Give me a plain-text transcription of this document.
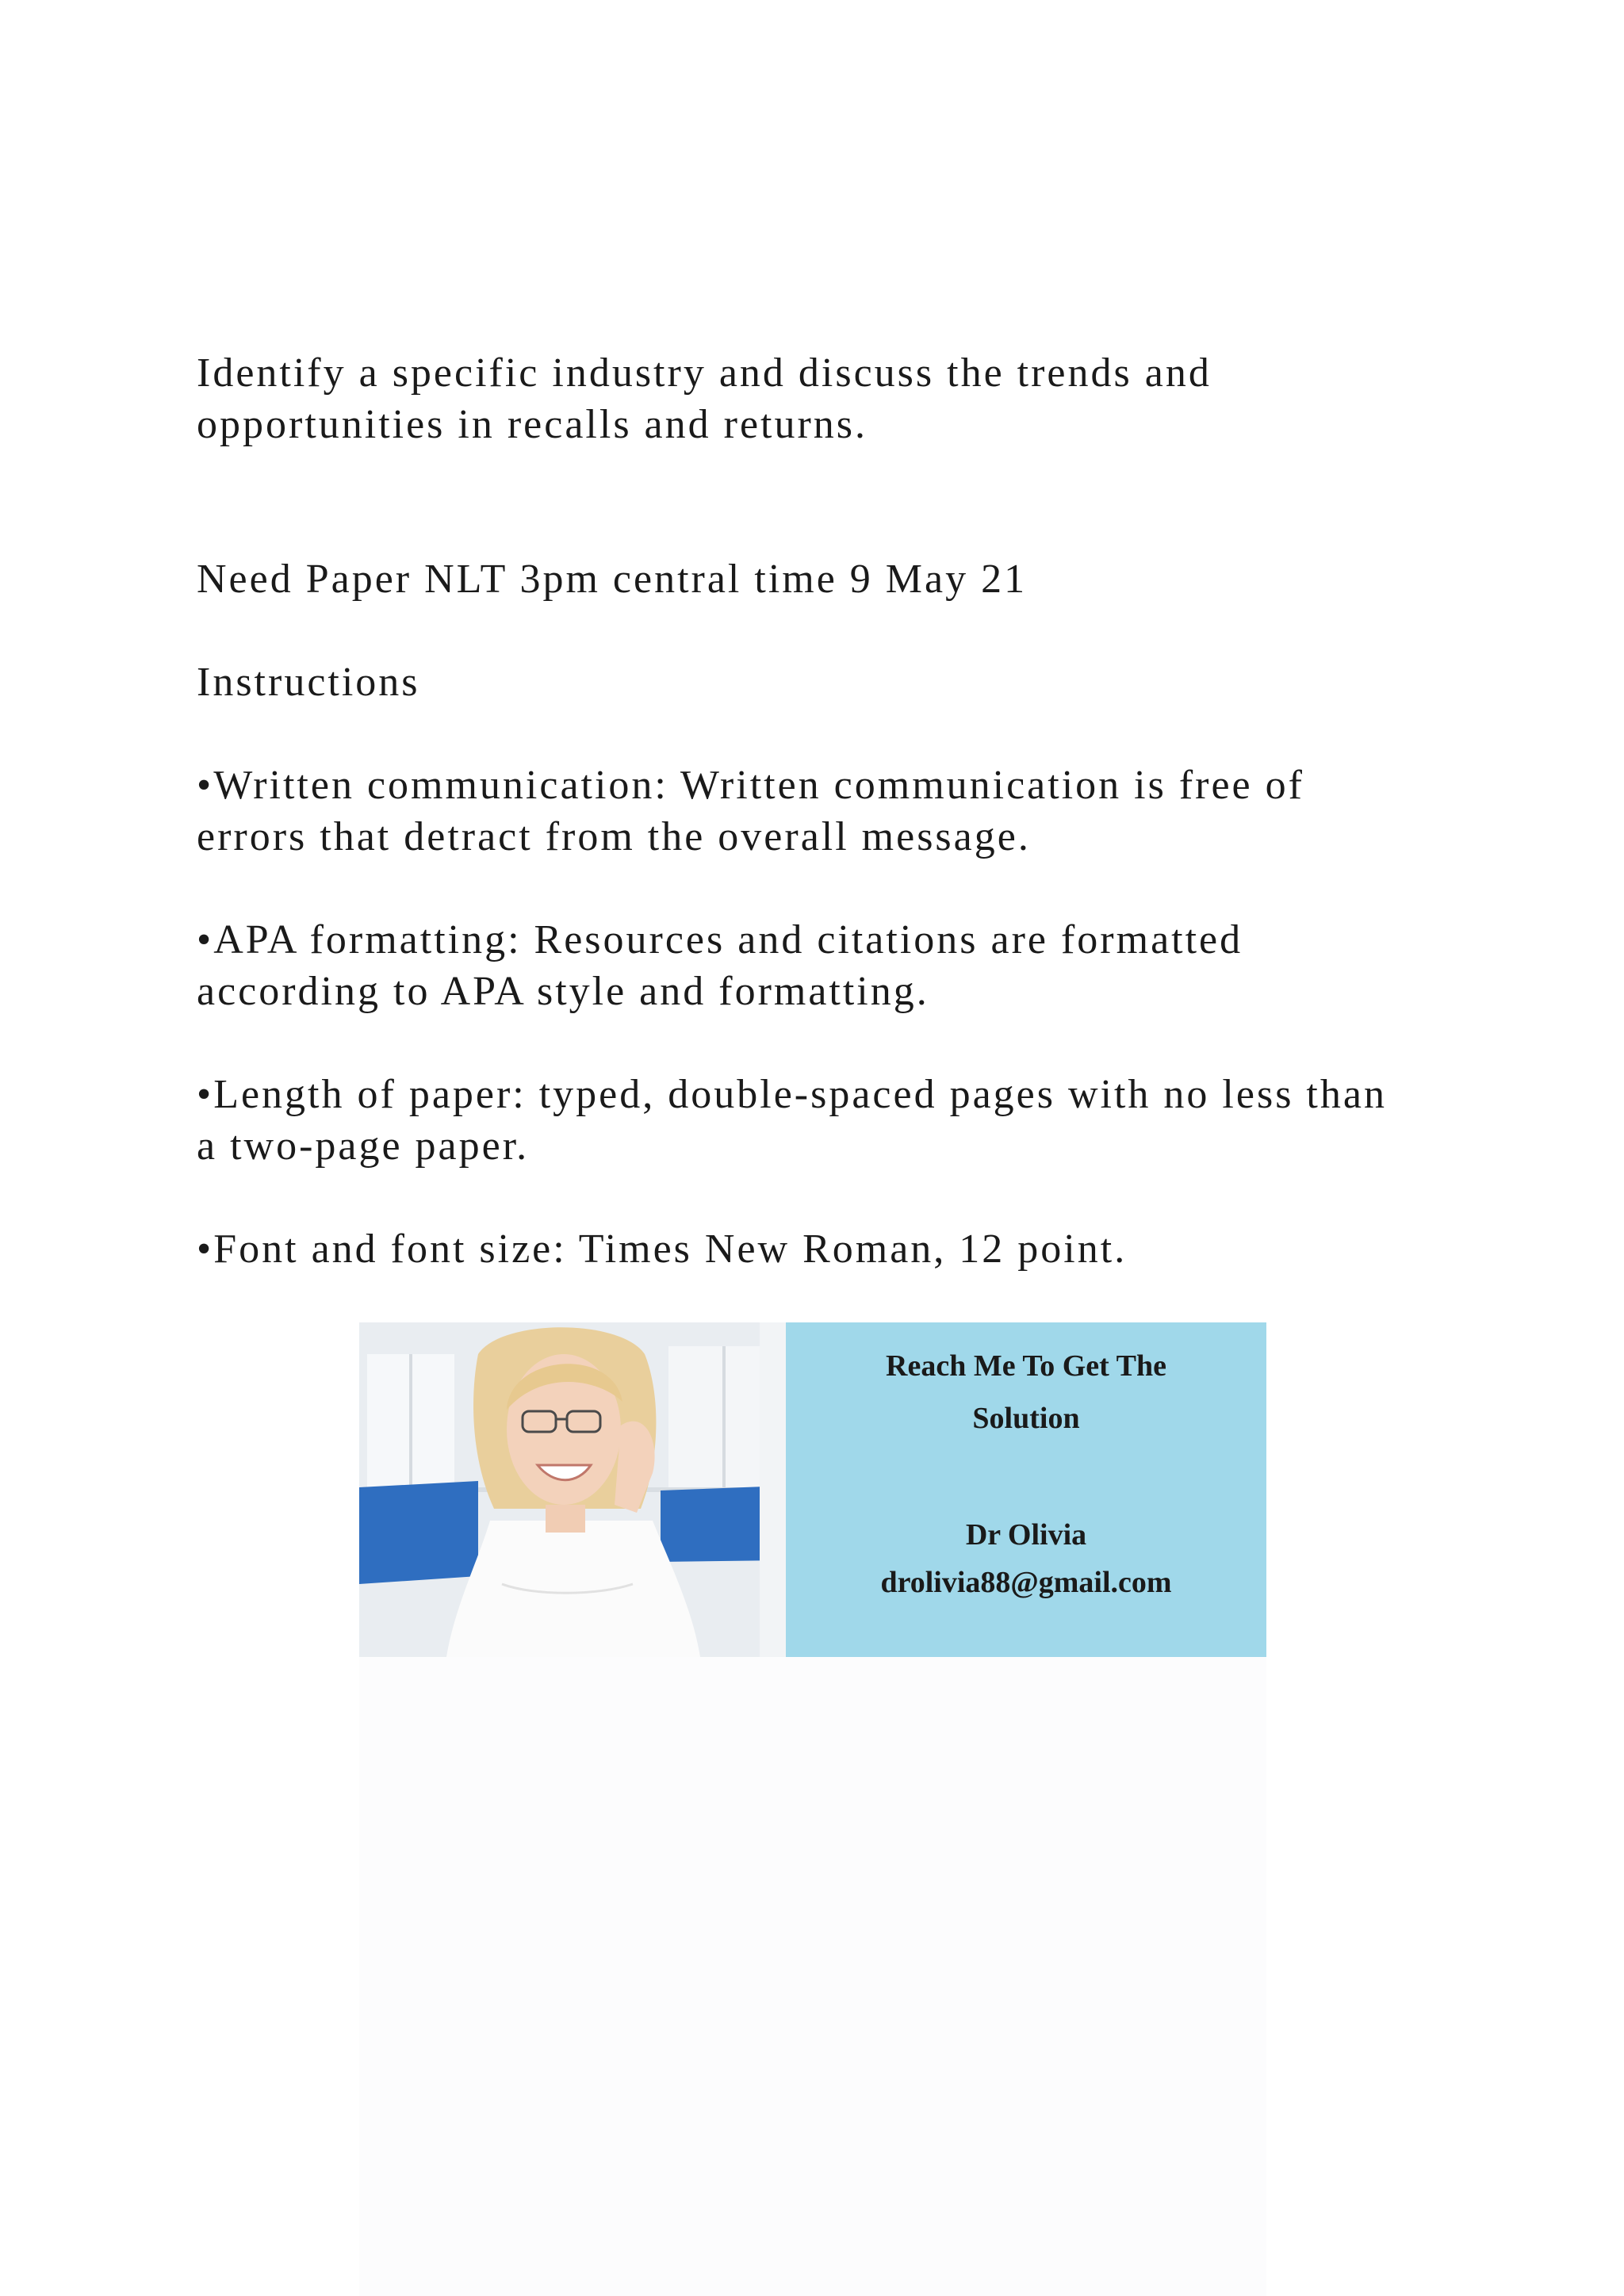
Identify a specific industry and discuss the trends and

opportunities in recalls and returns.

Need Paper NLT 3pm central time 9 May 21

Instructions

•Written communication: Written communication is free of

errors that detract from the overall message.

•APA formatting: Resources and citations are formatted

according to APA style and formatting.

•Length of paper: typed, double-spaced pages with no less than

a two-page paper.

•Font and font size: Times New Roman, 12 point.

Reach Me To Get The
Solution
Dr Olivia
drolivia88@gmail.com
